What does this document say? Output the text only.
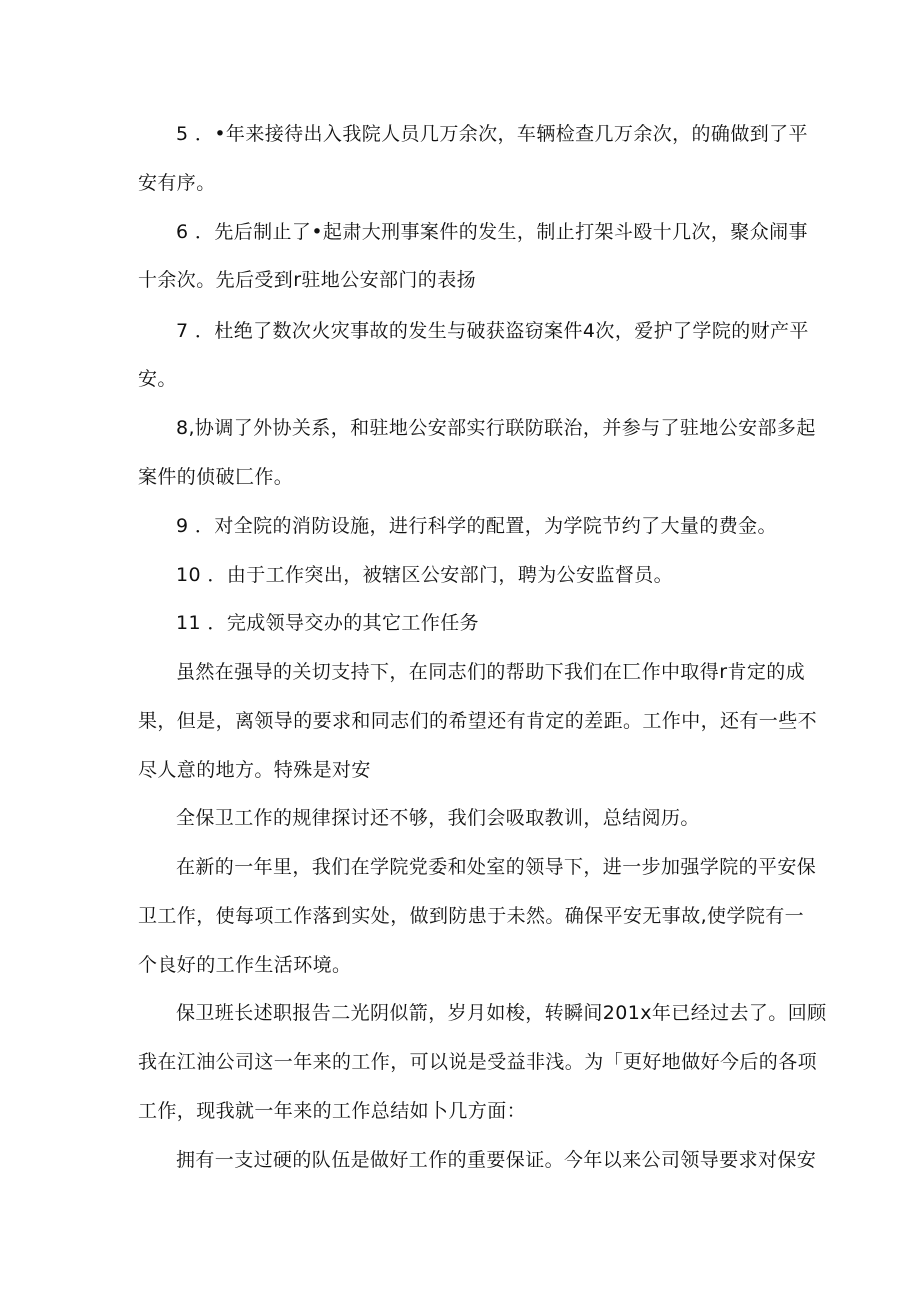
5 ．•年来接待出入我院人员几万余次，车辆检查几万余次，的确做到了平
安有序。
6 ．先后制止了•起肃大刑事案件的发生，制止打架斗殴十几次，聚众闹事
十余次。先后受到r驻地公安部门的表扬
7 ．杜绝了数次火灾事故的发生与破获盗窃案件4次，爱护了学院的财产平
安。
8,协调了外协关系，和驻地公安部实行联防联治，并参与了驻地公安部多起
案件的侦破匚作。
9 ．对全院的消防设施，进行科学的配置，为学院节约了大量的费金。
10 ．由于工作突出，被辖区公安部门，聘为公安监督员。
11 ．完成领导交办的其它工作任务
虽然在强导的关切支持下，在同志们的帮助下我们在匸作中取得r肯定的成
果，但是，离领导的要求和同志们的希望还有肯定的差距。工作中，还有一些不
尽人意的地方。特殊是对安
全保卫工作的规律探讨还不够，我们会吸取教训，总结阅历。
在新的一年里，我们在学院党委和处室的领导下，进一步加强学院的平安保
卫工作，使每项工作落到实处，做到防患于未然。确保平安无事故,使学院有一
个良好的工作生活环境。
保卫班长述职报告二光阴似箭，岁月如梭，转瞬间201x年已经过去了。回顾
我在江油公司这一年来的工作，可以说是受益非浅。为「更好地做好今后的各项
工作，现我就一年来的工作总结如卜几方面：
拥有一支过硬的队伍是做好工作的重要保证。今年以来公司领导要求对保安
